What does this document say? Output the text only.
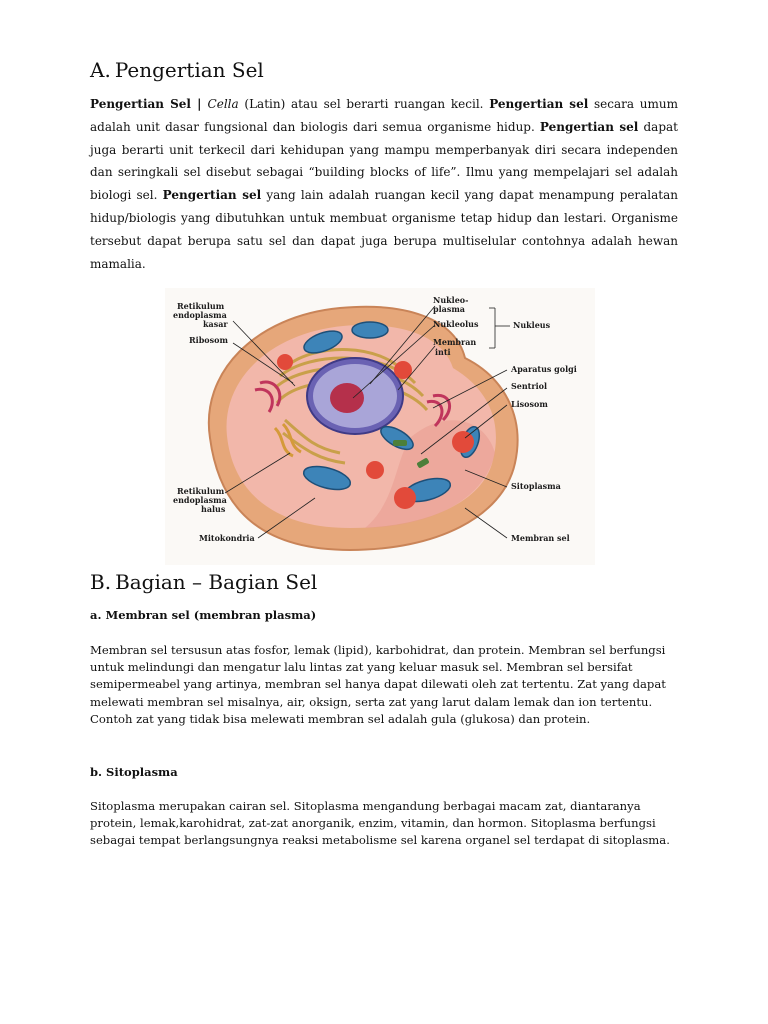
A. Pengertian Sel

Pengertian Sel | Cella (Latin) atau sel berarti ruangan kecil. Pengertian sel secara umum adalah unit dasar fungsional dan biologis dari semua organisme hidup. Pengertian sel dapat juga berarti unit terkecil dari kehidupan yang mampu memperbanyak diri secara independen dan seringkali sel disebut sebagai “building blocks of life”. Ilmu yang mempelajari sel adalah biologi sel. Pengertian sel yang lain adalah ruangan kecil yang dapat menampung peralatan hidup/biologis yang dibutuhkan untuk membuat organisme tetap hidup dan lestari. Organisme tersebut dapat berupa satu sel dan dapat juga berupa multiselular contohnya adalah hewan mamalia.

Retikulum
endoplasma
kasar
Ribosom
Nukleo-
plasma
Nukleolus
Membran
inti
Nukleus
Aparatus golgi
Sentriol
Lisosom
Sitoplasma
Retikulum
endoplasma
halus
Mitokondria	Membran sel
B. Bagian – Bagian Sel

a. Membran sel (membran plasma)

Membran sel tersusun atas fosfor, lemak (lipid), karbohidrat, dan protein. Membran sel berfungsi untuk melindungi dan mengatur lalu lintas zat yang keluar masuk sel. Membran sel bersifat semipermeabel yang artinya, membran sel hanya dapat dilewati oleh zat tertentu. Zat yang dapat melewati membran sel misalnya, air, oksign, serta zat yang larut dalam lemak dan ion tertentu. Contoh zat yang tidak bisa melewati membran sel adalah gula (glukosa) dan protein.

b. Sitoplasma

Sitoplasma merupakan cairan sel. Sitoplasma mengandung berbagai macam zat, diantaranya protein, lemak,karohidrat, zat-zat anorganik, enzim, vitamin, dan hormon. Sitoplasma berfungsi sebagai tempat berlangsungnya reaksi metabolisme sel karena organel sel terdapat di sitoplasma.
